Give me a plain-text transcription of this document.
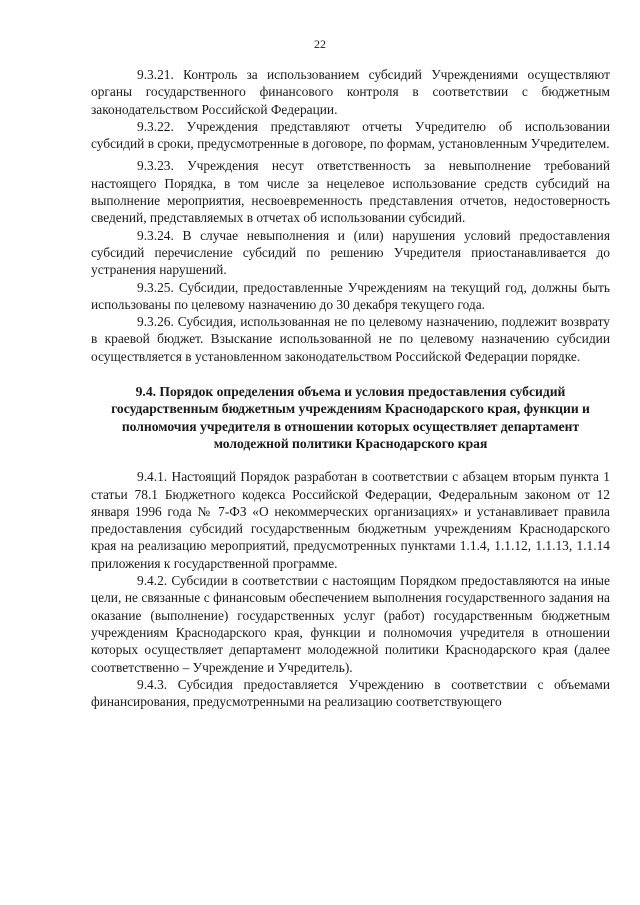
22

9.3.21. Контроль за использованием субсидий Учреждениями осуществляют органы государственного финансового контроля в соответствии с бюджетным законодательством Российской Федерации.

9.3.22. Учреждения представляют отчеты Учредителю об использовании субсидий в сроки, предусмотренные в договоре, по формам, установленным Учредителем.

9.3.23. Учреждения несут ответственность за невыполнение требований настоящего Порядка, в том числе за нецелевое использование средств субсидий на выполнение мероприятия, несвоевременность представления отчетов, недостоверность сведений, представляемых в отчетах об использовании субсидий.

9.3.24. В случае невыполнения и (или) нарушения условий предоставления субсидий перечисление субсидий по решению Учредителя приостанавливается до устранения нарушений.

9.3.25. Субсидии, предоставленные Учреждениям на текущий год, должны быть использованы по целевому назначению до 30 декабря текущего года.

9.3.26. Субсидия, использованная не по целевому назначению, подлежит возврату в краевой бюджет. Взыскание использованной не по целевому назначению субсидии осуществляется в установленном законодательством Российской Федерации порядке.

9.4. Порядок определения объема и условия предоставления субсидий государственным бюджетным учреждениям Краснодарского края, функции и полномочия учредителя в отношении которых осуществляет департамент молодежной политики Краснодарского края

9.4.1. Настоящий Порядок разработан в соответствии с абзацем вторым пункта 1 статьи 78.1 Бюджетного кодекса Российской Федерации, Федеральным законом от 12 января 1996 года № 7-ФЗ «О некоммерческих организациях» и устанавливает правила предоставления субсидий государственным бюджетным учреждениям Краснодарского края на реализацию мероприятий, предусмотренных пунктами 1.1.4, 1.1.12, 1.1.13, 1.1.14 приложения к государственной программе.

9.4.2. Субсидии в соответствии с настоящим Порядком предоставляются на иные цели, не связанные с финансовым обеспечением выполнения государственного задания на оказание (выполнение) государственных услуг (работ) государственным бюджетным учреждениям Краснодарского края, функции и полномочия учредителя в отношении которых осуществляет департамент молодежной политики Краснодарского края (далее соответственно – Учреждение и Учредитель).

9.4.3. Субсидия предоставляется Учреждению в соответствии с объемами финансирования, предусмотренными на реализацию соответствующего
